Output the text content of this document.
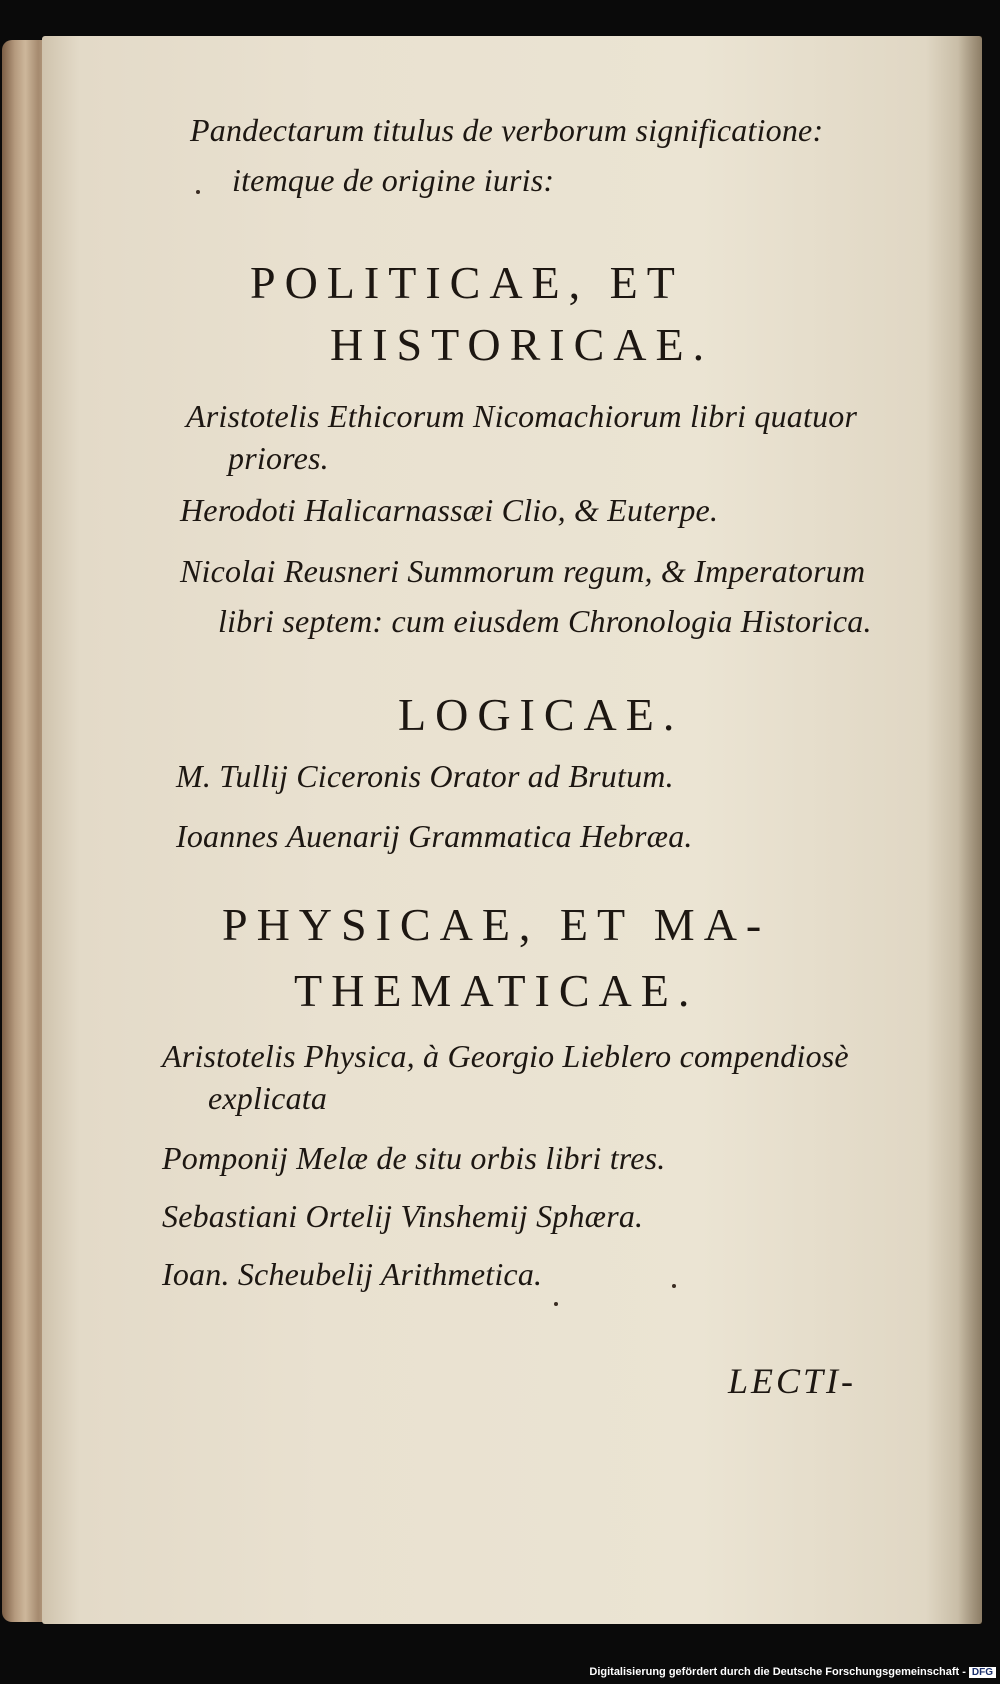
Pandectarum titulus de verborum significatione:
itemque de origine iuris:
POLITICAE, ET
HISTORICAE.
Aristotelis Ethicorum Nicomachiorum libri quatuor
priores.
Herodoti Halicarnassæi Clio, & Euterpe.
Nicolai Reusneri Summorum regum, & Imperatorum
libri septem: cum eiusdem Chronologia Historica.
LOGICAE.
M. Tullij Ciceronis Orator ad Brutum.
Ioannes Auenarij Grammatica Hebræa.
PHYSICAE, ET MA-
THEMATICAE.
Aristotelis Physica, à Georgio Lieblero compendiosè
explicata
Pomponij Melæ de situ orbis libri tres.
Sebastiani Ortelij Vinshemij Sphæra.
Ioan. Scheubelij Arithmetica.
LECTI-
Digitalisierung gefördert durch die Deutsche Forschungsgemeinschaft - DFG
